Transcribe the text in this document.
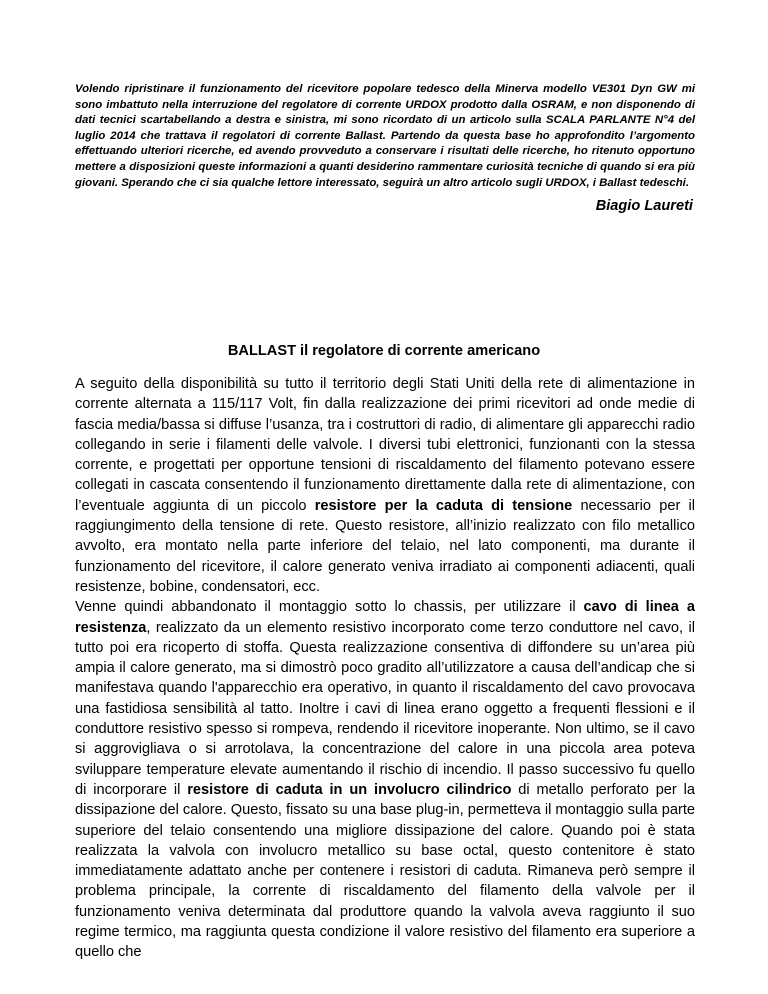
Volendo ripristinare il funzionamento del ricevitore popolare tedesco della Minerva modello VE301 Dyn GW mi sono imbattuto nella interruzione del regolatore di corrente URDOX prodotto dalla OSRAM, e non disponendo di dati tecnici scartabellando a destra e sinistra, mi sono ricordato di un articolo sulla SCALA PARLANTE N°4 del luglio 2014 che trattava il regolatori di corrente Ballast. Partendo da questa base ho approfondito l’argomento effettuando ulteriori ricerche, ed avendo provveduto a conservare i risultati delle ricerche, ho ritenuto opportuno mettere a disposizioni queste informazioni a quanti desiderino rammentare curiosità tecniche di quando si era più giovani. Sperando che ci sia qualche lettore interessato, seguirà un altro articolo sugli URDOX, i Ballast tedeschi.

Biagio Laureti

BALLAST il regolatore di corrente americano

A seguito della disponibilità su tutto il territorio degli Stati Uniti della rete di alimentazione in corrente alternata a 115/117 Volt, fin dalla realizzazione dei primi ricevitori ad onde medie di fascia media/bassa si diffuse l’usanza, tra i costruttori di radio, di alimentare gli apparecchi radio collegando in serie i filamenti delle valvole. I diversi tubi elettronici, funzionanti con la stessa corrente, e progettati per opportune tensioni di riscaldamento del filamento potevano essere collegati in cascata consentendo il funzionamento direttamente dalla rete di alimentazione, con l’eventuale aggiunta di un piccolo resistore per la caduta di tensione necessario per il raggiungimento della tensione di rete. Questo resistore, all’inizio realizzato con filo metallico avvolto, era montato nella parte inferiore del telaio, nel lato componenti, ma durante il funzionamento del ricevitore, il calore generato veniva irradiato ai componenti adiacenti, quali resistenze, bobine, condensatori, ecc.

Venne quindi abbandonato il montaggio sotto lo chassis, per utilizzare il cavo di linea a resistenza, realizzato da un elemento resistivo incorporato come terzo conduttore nel cavo, il tutto poi era ricoperto di stoffa. Questa realizzazione consentiva di diffondere su un’area più ampia il calore generato, ma si dimostrò poco gradito all’utilizzatore a causa dell’andicap che si manifestava quando l'apparecchio era operativo, in quanto il riscaldamento del cavo provocava una fastidiosa sensibilità al tatto. Inoltre i cavi di linea erano oggetto a frequenti flessioni e il conduttore resistivo spesso si rompeva, rendendo il ricevitore inoperante. Non ultimo, se il cavo si aggrovigliava o si arrotolava, la concentrazione del calore in una piccola area poteva sviluppare temperature elevate aumentando il rischio di incendio. Il passo successivo fu quello di incorporare il resistore di caduta in un involucro cilindrico di metallo perforato per la dissipazione del calore. Questo, fissato su una base plug-in, permetteva il montaggio sulla parte superiore del telaio consentendo una migliore dissipazione del calore. Quando poi è stata realizzata la valvola con involucro metallico su base octal, questo contenitore è stato immediatamente adattato anche per contenere i resistori di caduta. Rimaneva però sempre il problema principale, la corrente di riscaldamento del filamento della valvole per il funzionamento veniva determinata dal produttore quando la valvola aveva raggiunto il suo regime termico, ma raggiunta questa condizione il valore resistivo del filamento era superiore a quello che
